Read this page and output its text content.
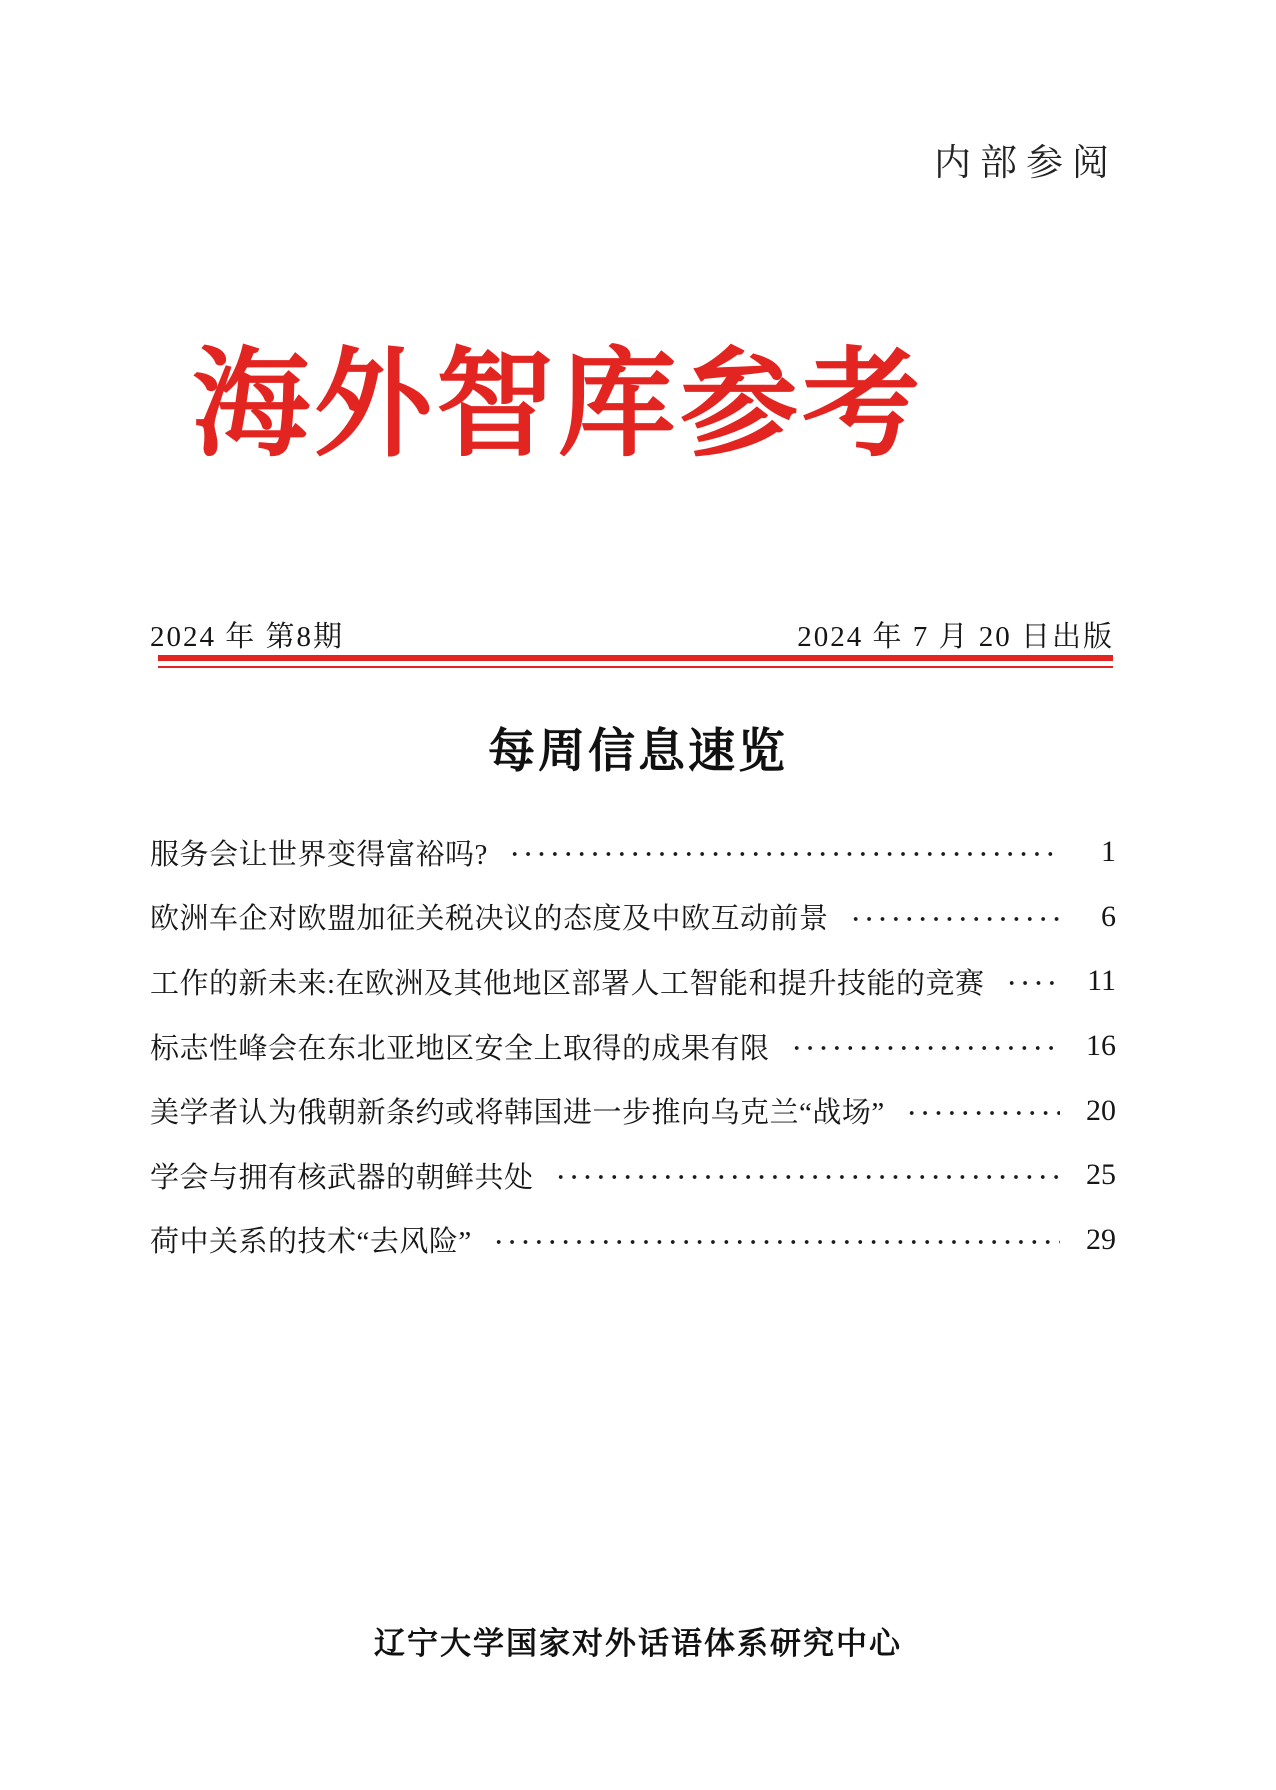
内部参阅
海外智库参考
2024 年 第8期	2024 年 7 月 20 日出版
每周信息速览
服务会让世界变得富裕吗?	1
欧洲车企对欧盟加征关税决议的态度及中欧互动前景	6
工作的新未来:在欧洲及其他地区部署人工智能和提升技能的竞赛	11
标志性峰会在东北亚地区安全上取得的成果有限	16
美学者认为俄朝新条约或将韩国进一步推向乌克兰“战场”	20
学会与拥有核武器的朝鲜共处	25
荷中关系的技术“去风险”	29
辽宁大学国家对外话语体系研究中心
